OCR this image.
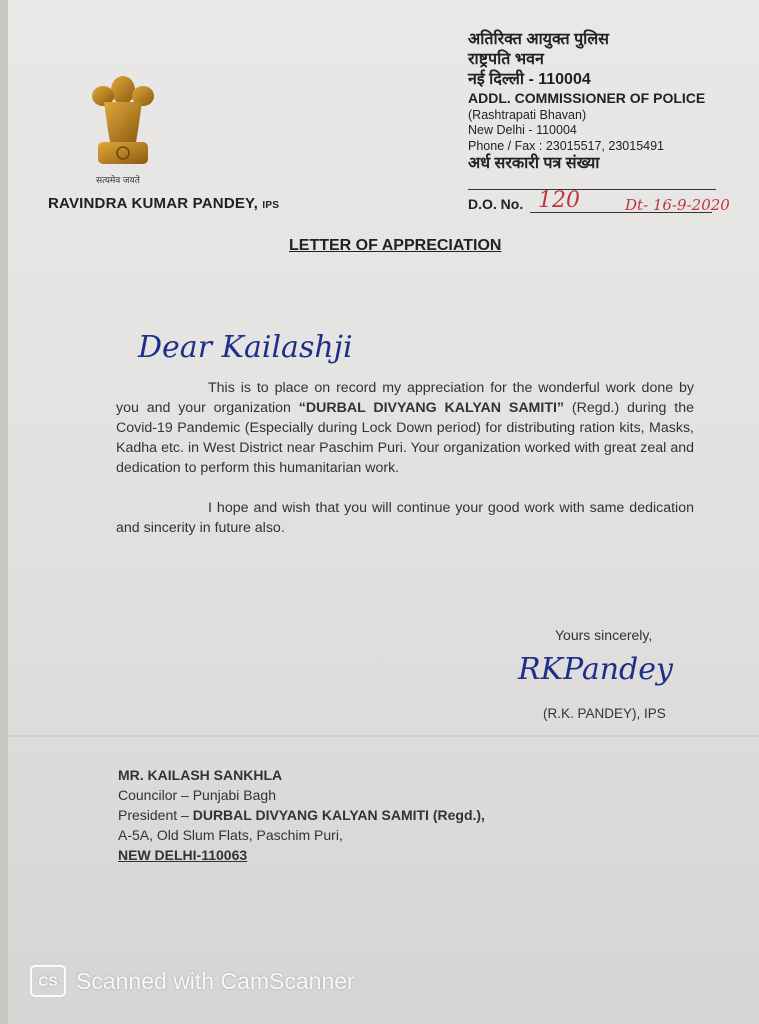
सत्यमेव जयते
RAVINDRA KUMAR PANDEY, IPS
अतिरिक्त आयुक्त पुलिस
राष्ट्रपति भवन
नई दिल्ली - 110004
ADDL. COMMISSIONER OF POLICE
(Rashtrapati Bhavan)
New Delhi - 110004
Phone / Fax : 23015517, 23015491
अर्ध सरकारी पत्र संख्या
D.O. No. 120	Dt- 16-9-2020
LETTER OF APPRECIATION
Dear Kailashji

This is to place on record my appreciation for the wonderful work done by you and your organization “DURBAL DIVYANG KALYAN SAMITI” (Regd.) during the Covid-19 Pandemic (Especially during Lock Down period) for distributing ration kits, Masks, Kadha etc. in West District near Paschim Puri. Your organization worked with great zeal and dedication to perform this humanitarian work.

I hope and wish that you will continue your good work with same dedication and sincerity in future also.

Yours sincerely,
RKPandey
(R.K. PANDEY), IPS
MR. KAILASH SANKHLA
Councilor – Punjabi Bagh
President – DURBAL DIVYANG KALYAN SAMITI (Regd.),
A-5A, Old Slum Flats, Paschim Puri,
NEW DELHI-110063
CS Scanned with CamScanner
